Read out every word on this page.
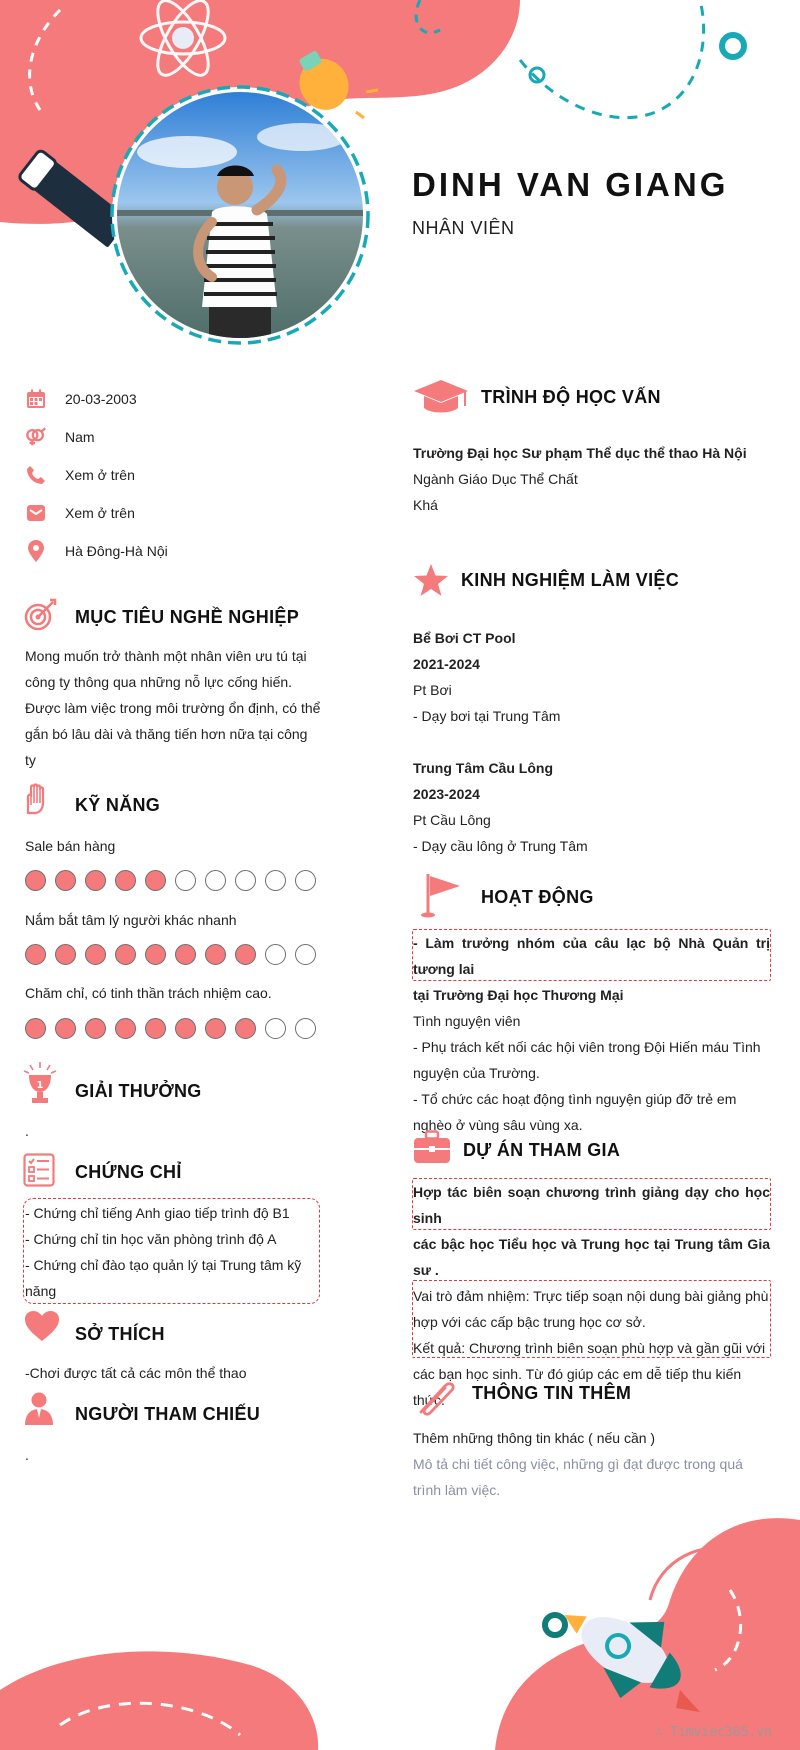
DINH VAN GIANG
NHÂN VIÊN
20-03-2003
Nam
Xem ở trên
Xem ở trên
Hà Đông-Hà Nội
MỤC TIÊU NGHỀ NGHIỆP
Mong muốn trở thành một nhân viên ưu tú tại
công ty thông qua những nỗ lực cống hiến.
Được làm việc trong môi trường ổn định, có thể
gắn bó lâu dài và thăng tiến hơn nữa tại công
ty
KỸ NĂNG
Sale bán hàng
Nắm bắt tâm lý người khác nhanh
Chăm chỉ, có tinh thần trách nhiệm cao.
1 GIẢI THƯỞNG
.
CHỨNG CHỈ
- Chứng chỉ tiếng Anh giao tiếp trình độ B1
- Chứng chỉ tin học văn phòng trình độ A
- Chứng chỉ đào tạo quản lý tại Trung tâm kỹ
năng
SỞ THÍCH
-Chơi được tất cả các môn thể thao
NGƯỜI THAM CHIẾU
.
TRÌNH ĐỘ HỌC VẤN
Trường Đại học Sư phạm Thể dục thể thao Hà Nội
Ngành Giáo Dục Thể Chất
Khá
KINH NGHIỆM LÀM VIỆC
Bể Bơi CT Pool
2021-2024
Pt Bơi
- Dạy bơi tại Trung Tâm
Trung Tâm Cầu Lông
2023-2024
Pt Cầu Lông
- Dạy cầu lông ở Trung Tâm
HOẠT ĐỘNG
- Làm trưởng nhóm của câu lạc bộ Nhà Quản trị tương lai
tại Trường Đại học Thương Mại
Tình nguyện viên
- Phụ trách kết nối các hội viên trong Đội Hiến máu Tình
nguyện của Trường.
- Tổ chức các hoạt động tình nguyện giúp đỡ trẻ em
nghèo ở vùng sâu vùng xa.
DỰ ÁN THAM GIA
Hợp tác biên soạn chương trình giảng dạy cho học sinh
các bậc học Tiểu học và Trung học tại Trung tâm Gia sư .
Vai trò đảm nhiệm: Trực tiếp soạn nội dung bài giảng phù
hợp với các cấp bậc trung học cơ sở.
Kết quả: Chương trình biên soạn phù hợp và gần gũi với
các bạn học sinh. Từ đó giúp các em dễ tiếp thu kiến
thức.	THÔNG TIN THÊM
Thêm những thông tin khác ( nếu cần )
Mô tả chi tiết công việc, những gì đạt được trong quá
trình làm việc.
∴ Timviec365.vn
